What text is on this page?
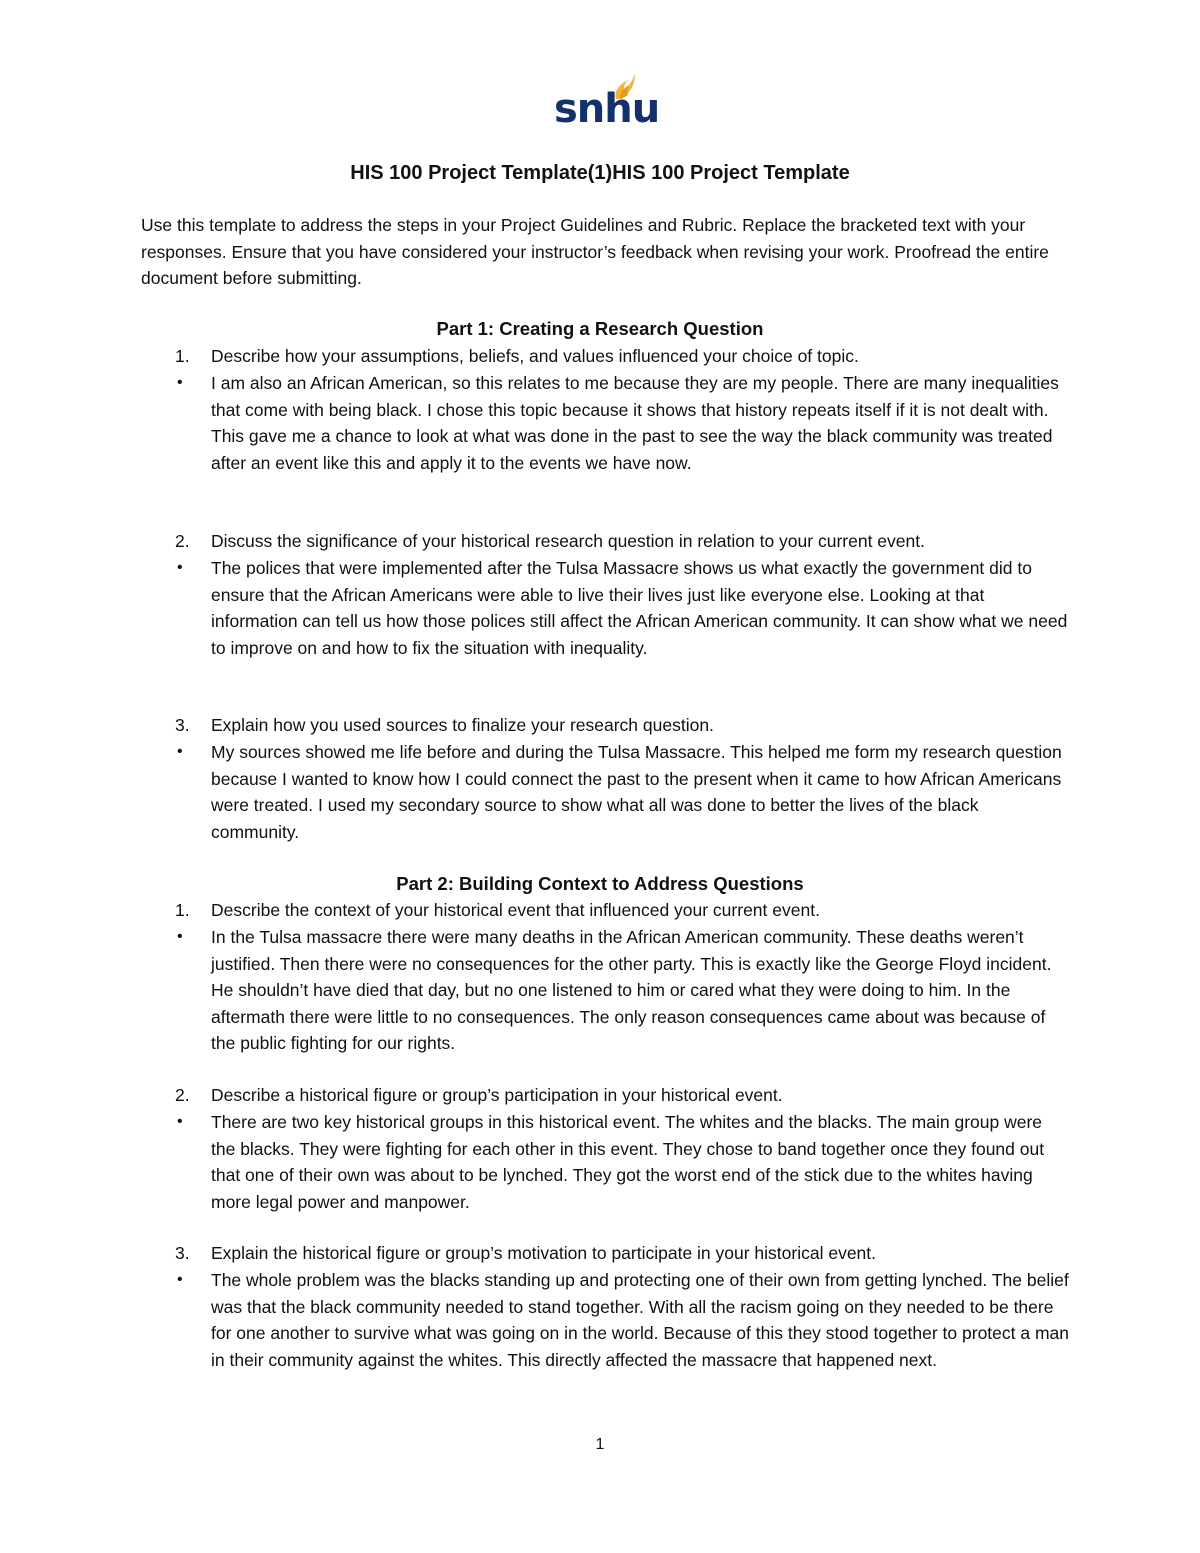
snhu
HIS 100 Project Template(1)HIS 100 Project Template

Use this template to address the steps in your Project Guidelines and Rubric. Replace the bracketed text with your responses. Ensure that you have considered your instructor’s feedback when revising your work. Proofread the entire document before submitting.

Part 1: Creating a Research Question
1. Describe how your assumptions, beliefs, and values influenced your choice of topic.
• I am also an African American, so this relates to me because they are my people. There are many inequalities that come with being black. I chose this topic because it shows that history repeats itself if it is not dealt with. This gave me a chance to look at what was done in the past to see the way the black community was treated after an event like this and apply it to the events we have now.
2. Discuss the significance of your historical research question in relation to your current event.
• The polices that were implemented after the Tulsa Massacre shows us what exactly the government did to ensure that the African Americans were able to live their lives just like everyone else. Looking at that information can tell us how those polices still affect the African American community. It can show what we need to improve on and how to fix the situation with inequality.
3. Explain how you used sources to finalize your research question.
• My sources showed me life before and during the Tulsa Massacre. This helped me form my research question because I wanted to know how I could connect the past to the present when it came to how African Americans were treated. I used my secondary source to show what all was done to better the lives of the black community.
Part 2: Building Context to Address Questions
1. Describe the context of your historical event that influenced your current event.
• In the Tulsa massacre there were many deaths in the African American community. These deaths weren’t justified. Then there were no consequences for the other party. This is exactly like the George Floyd incident. He shouldn’t have died that day, but no one listened to him or cared what they were doing to him. In the aftermath there were little to no consequences. The only reason consequences came about was because of the public fighting for our rights.
2. Describe a historical figure or group’s participation in your historical event.
• There are two key historical groups in this historical event. The whites and the blacks. The main group were the blacks. They were fighting for each other in this event. They chose to band together once they found out that one of their own was about to be lynched. They got the worst end of the stick due to the whites having more legal power and manpower.
3. Explain the historical figure or group’s motivation to participate in your historical event.
• The whole problem was the blacks standing up and protecting one of their own from getting lynched. The belief was that the black community needed to stand together. With all the racism going on they needed to be there for one another to survive what was going on in the world. Because of this they stood together to protect a man in their community against the whites. This directly affected the massacre that happened next.
1
